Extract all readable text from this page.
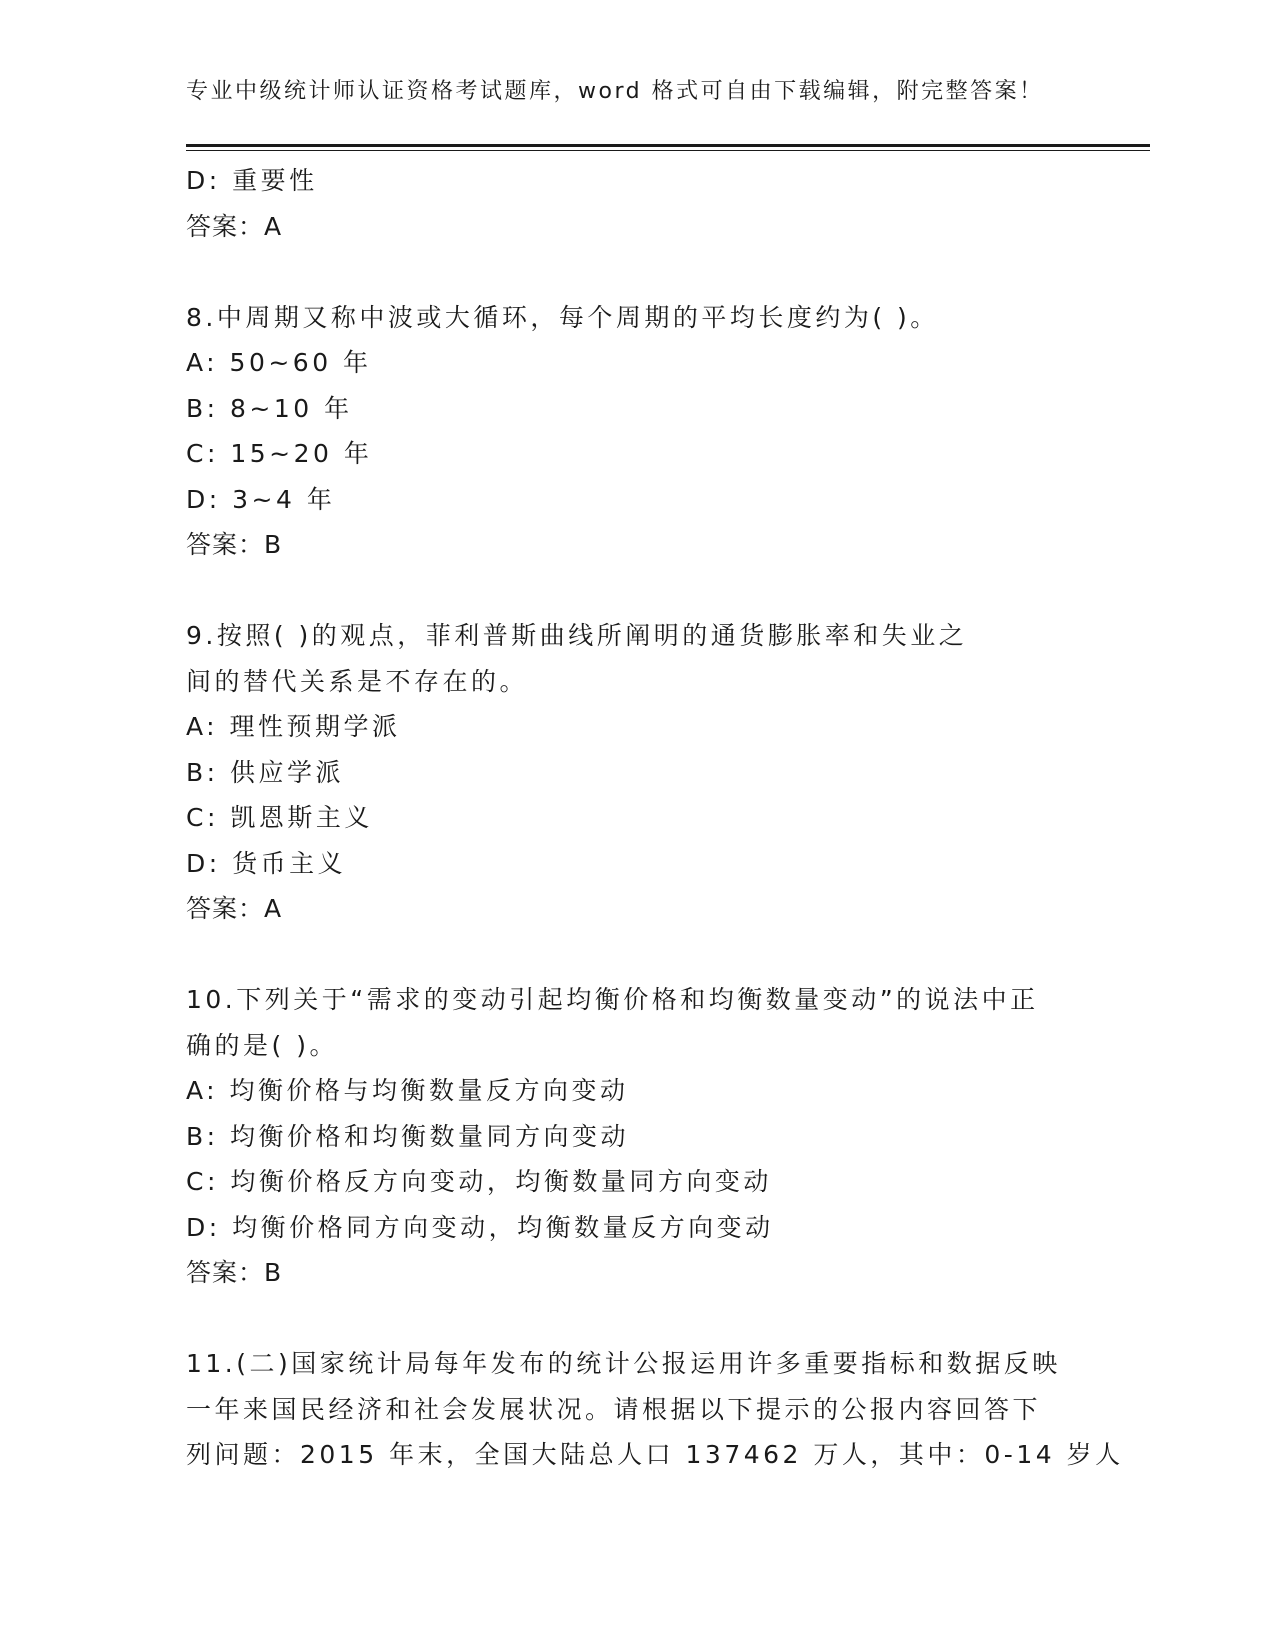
专业中级统计师认证资格考试题库，word 格式可自由下载编辑，附完整答案！
D: 重要性
答案：A
8.中周期又称中波或大循环，每个周期的平均长度约为( )。
A: 50~60 年
B: 8~10 年
C: 15~20 年
D: 3~4 年
答案：B
9.按照( )的观点，菲利普斯曲线所阐明的通货膨胀率和失业之
间的替代关系是不存在的。
A: 理性预期学派
B: 供应学派
C: 凯恩斯主义
D: 货币主义
答案：A
10.下列关于“需求的变动引起均衡价格和均衡数量变动”的说法中正
确的是( )。
A: 均衡价格与均衡数量反方向变动
B: 均衡价格和均衡数量同方向变动
C: 均衡价格反方向变动，均衡数量同方向变动
D: 均衡价格同方向变动，均衡数量反方向变动
答案：B
11.(二)国家统计局每年发布的统计公报运用许多重要指标和数据反映
一年来国民经济和社会发展状况。请根据以下提示的公报内容回答下
列问题：2015 年末，全国大陆总人口 137462 万人，其中：0-14 岁人
